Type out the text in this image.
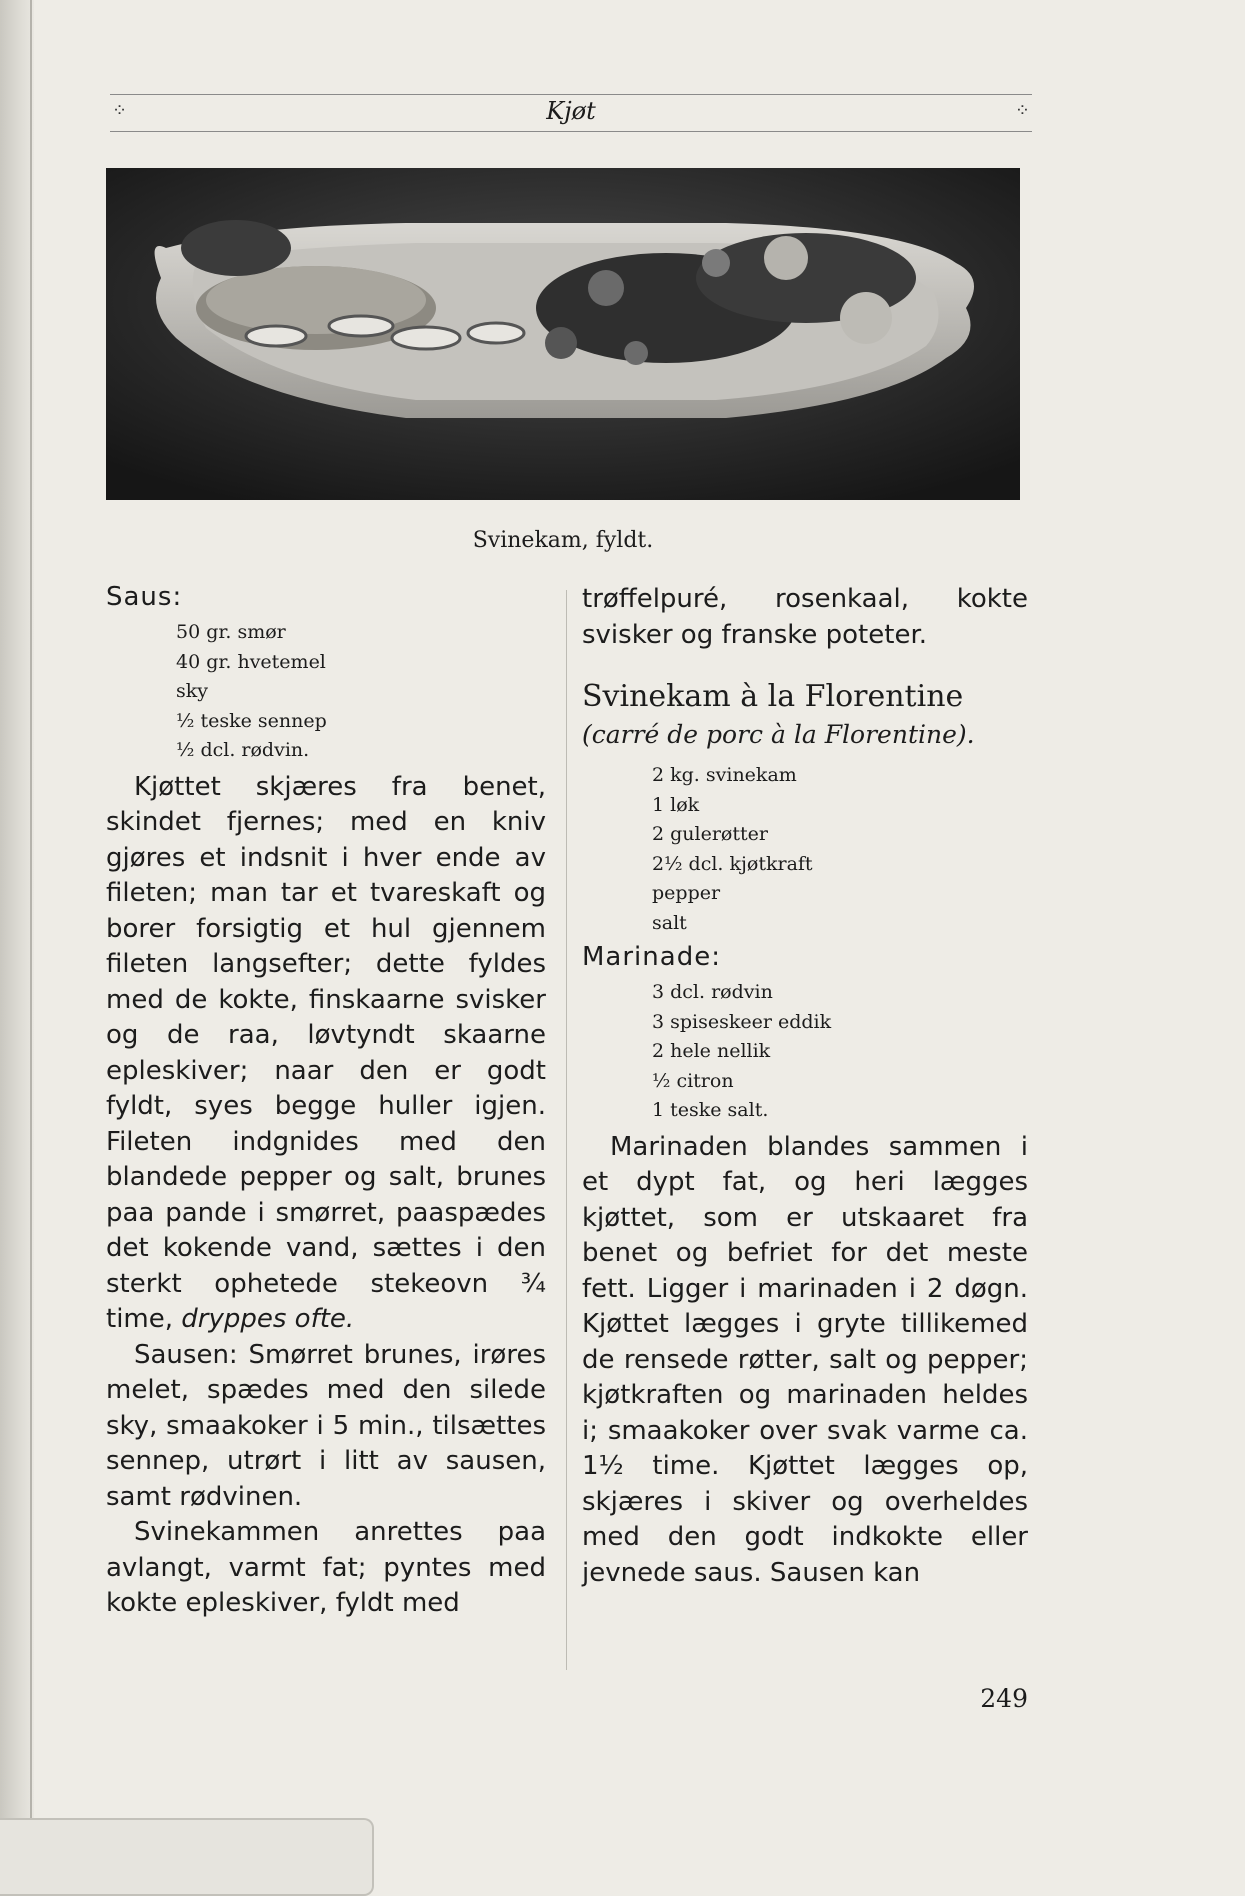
⁘	Kjøt	⁘
Svinekam, fyldt.
Saus:
50 gr. smør
40 gr. hvetemel
sky
½ teske sennep
½ dcl. rødvin.

Kjøttet skjæres fra benet, skindet fjernes; med en kniv gjøres et indsnit i hver ende av fileten; man tar et tvareskaft og borer forsigtig et hul gjennem fileten langsefter; dette fyldes med de kokte, finskaarne svisker og de raa, løvtyndt skaarne epleskiver; naar den er godt fyldt, syes begge huller igjen. Fileten indgnides med den blandede pepper og salt, brunes paa pande i smørret, paaspædes det kokende vand, sættes i den sterkt ophetede stekeovn ¾ time, dryppes ofte.

Sausen: Smørret brunes, irøres melet, spædes med den silede sky, smaakoker i 5 min., tilsættes sennep, utrørt i litt av sausen, samt rødvinen.

Svinekammen anrettes paa avlangt, varmt fat; pyntes med kokte epleskiver, fyldt med

trøffelpuré, rosenkaal, kokte svisker og franske poteter.

Svinekam à la Florentine
(carré de porc à la Florentine).
2 kg. svinekam
1 løk
2 gulerøtter
2½ dcl. kjøtkraft
pepper
salt
Marinade:
3 dcl. rødvin
3 spiseskeer eddik
2 hele nellik
½ citron
1 teske salt.

Marinaden blandes sammen i et dypt fat, og heri lægges kjøttet, som er utskaaret fra benet og befriet for det meste fett. Ligger i marinaden i 2 døgn. Kjøttet lægges i gryte tillikemed de rensede røtter, salt og pepper; kjøtkraften og marinaden heldes i; smaakoker over svak varme ca. 1½ time. Kjøttet lægges op, skjæres i skiver og overheldes med den godt indkokte eller jevnede saus. Sausen kan

249
